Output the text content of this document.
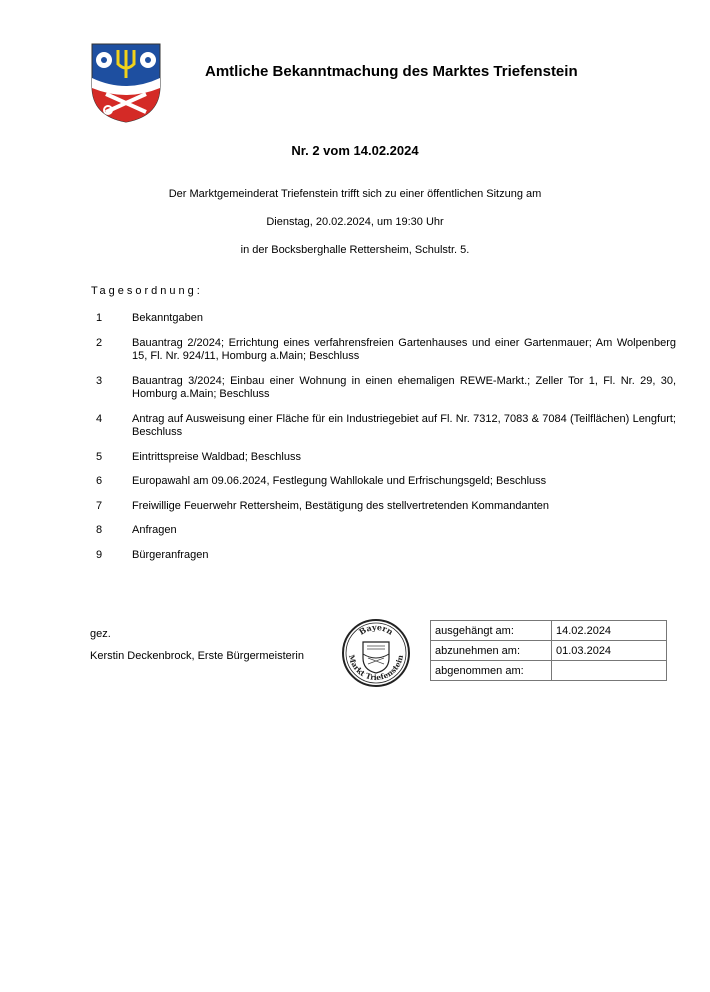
Amtliche Bekanntmachung des Marktes Triefenstein
Nr. 2 vom 14.02.2024
Der Marktgemeinderat Triefenstein trifft sich zu einer öffentlichen Sitzung am
Dienstag, 20.02.2024, um 19:30 Uhr
in der Bocksberghalle Rettersheim, Schulstr. 5.
Tagesordnung:
1	Bekanntgaben
2	Bauantrag 2/2024; Errichtung eines verfahrensfreien Gartenhauses und einer Gartenmauer; Am Wolpenberg 15, Fl. Nr. 924/11, Homburg a.Main; Beschluss
3	Bauantrag 3/2024; Einbau einer Wohnung in einen ehemaligen REWE-Markt.; Zeller Tor 1, Fl. Nr. 29, 30, Homburg a.Main; Beschluss
4	Antrag auf Ausweisung einer Fläche für ein Industriegebiet auf Fl. Nr. 7312, 7083 & 7084 (Teilflächen) Lengfurt; Beschluss
5	Eintrittspreise Waldbad; Beschluss
6	Europawahl am 09.06.2024, Festlegung Wahllokale und Erfrischungsgeld; Beschluss
7	Freiwillige Feuerwehr Rettersheim, Bestätigung des stellvertretenden Kommandanten
8	Anfragen
9	Bürgeranfragen
gez.
Kerstin Deckenbrock, Erste Bürgermeisterin
Bayern
Markt Triefenstein
ausgehängt am:	14.02.2024
abzunehmen am:	01.03.2024
abgenommen am:	
